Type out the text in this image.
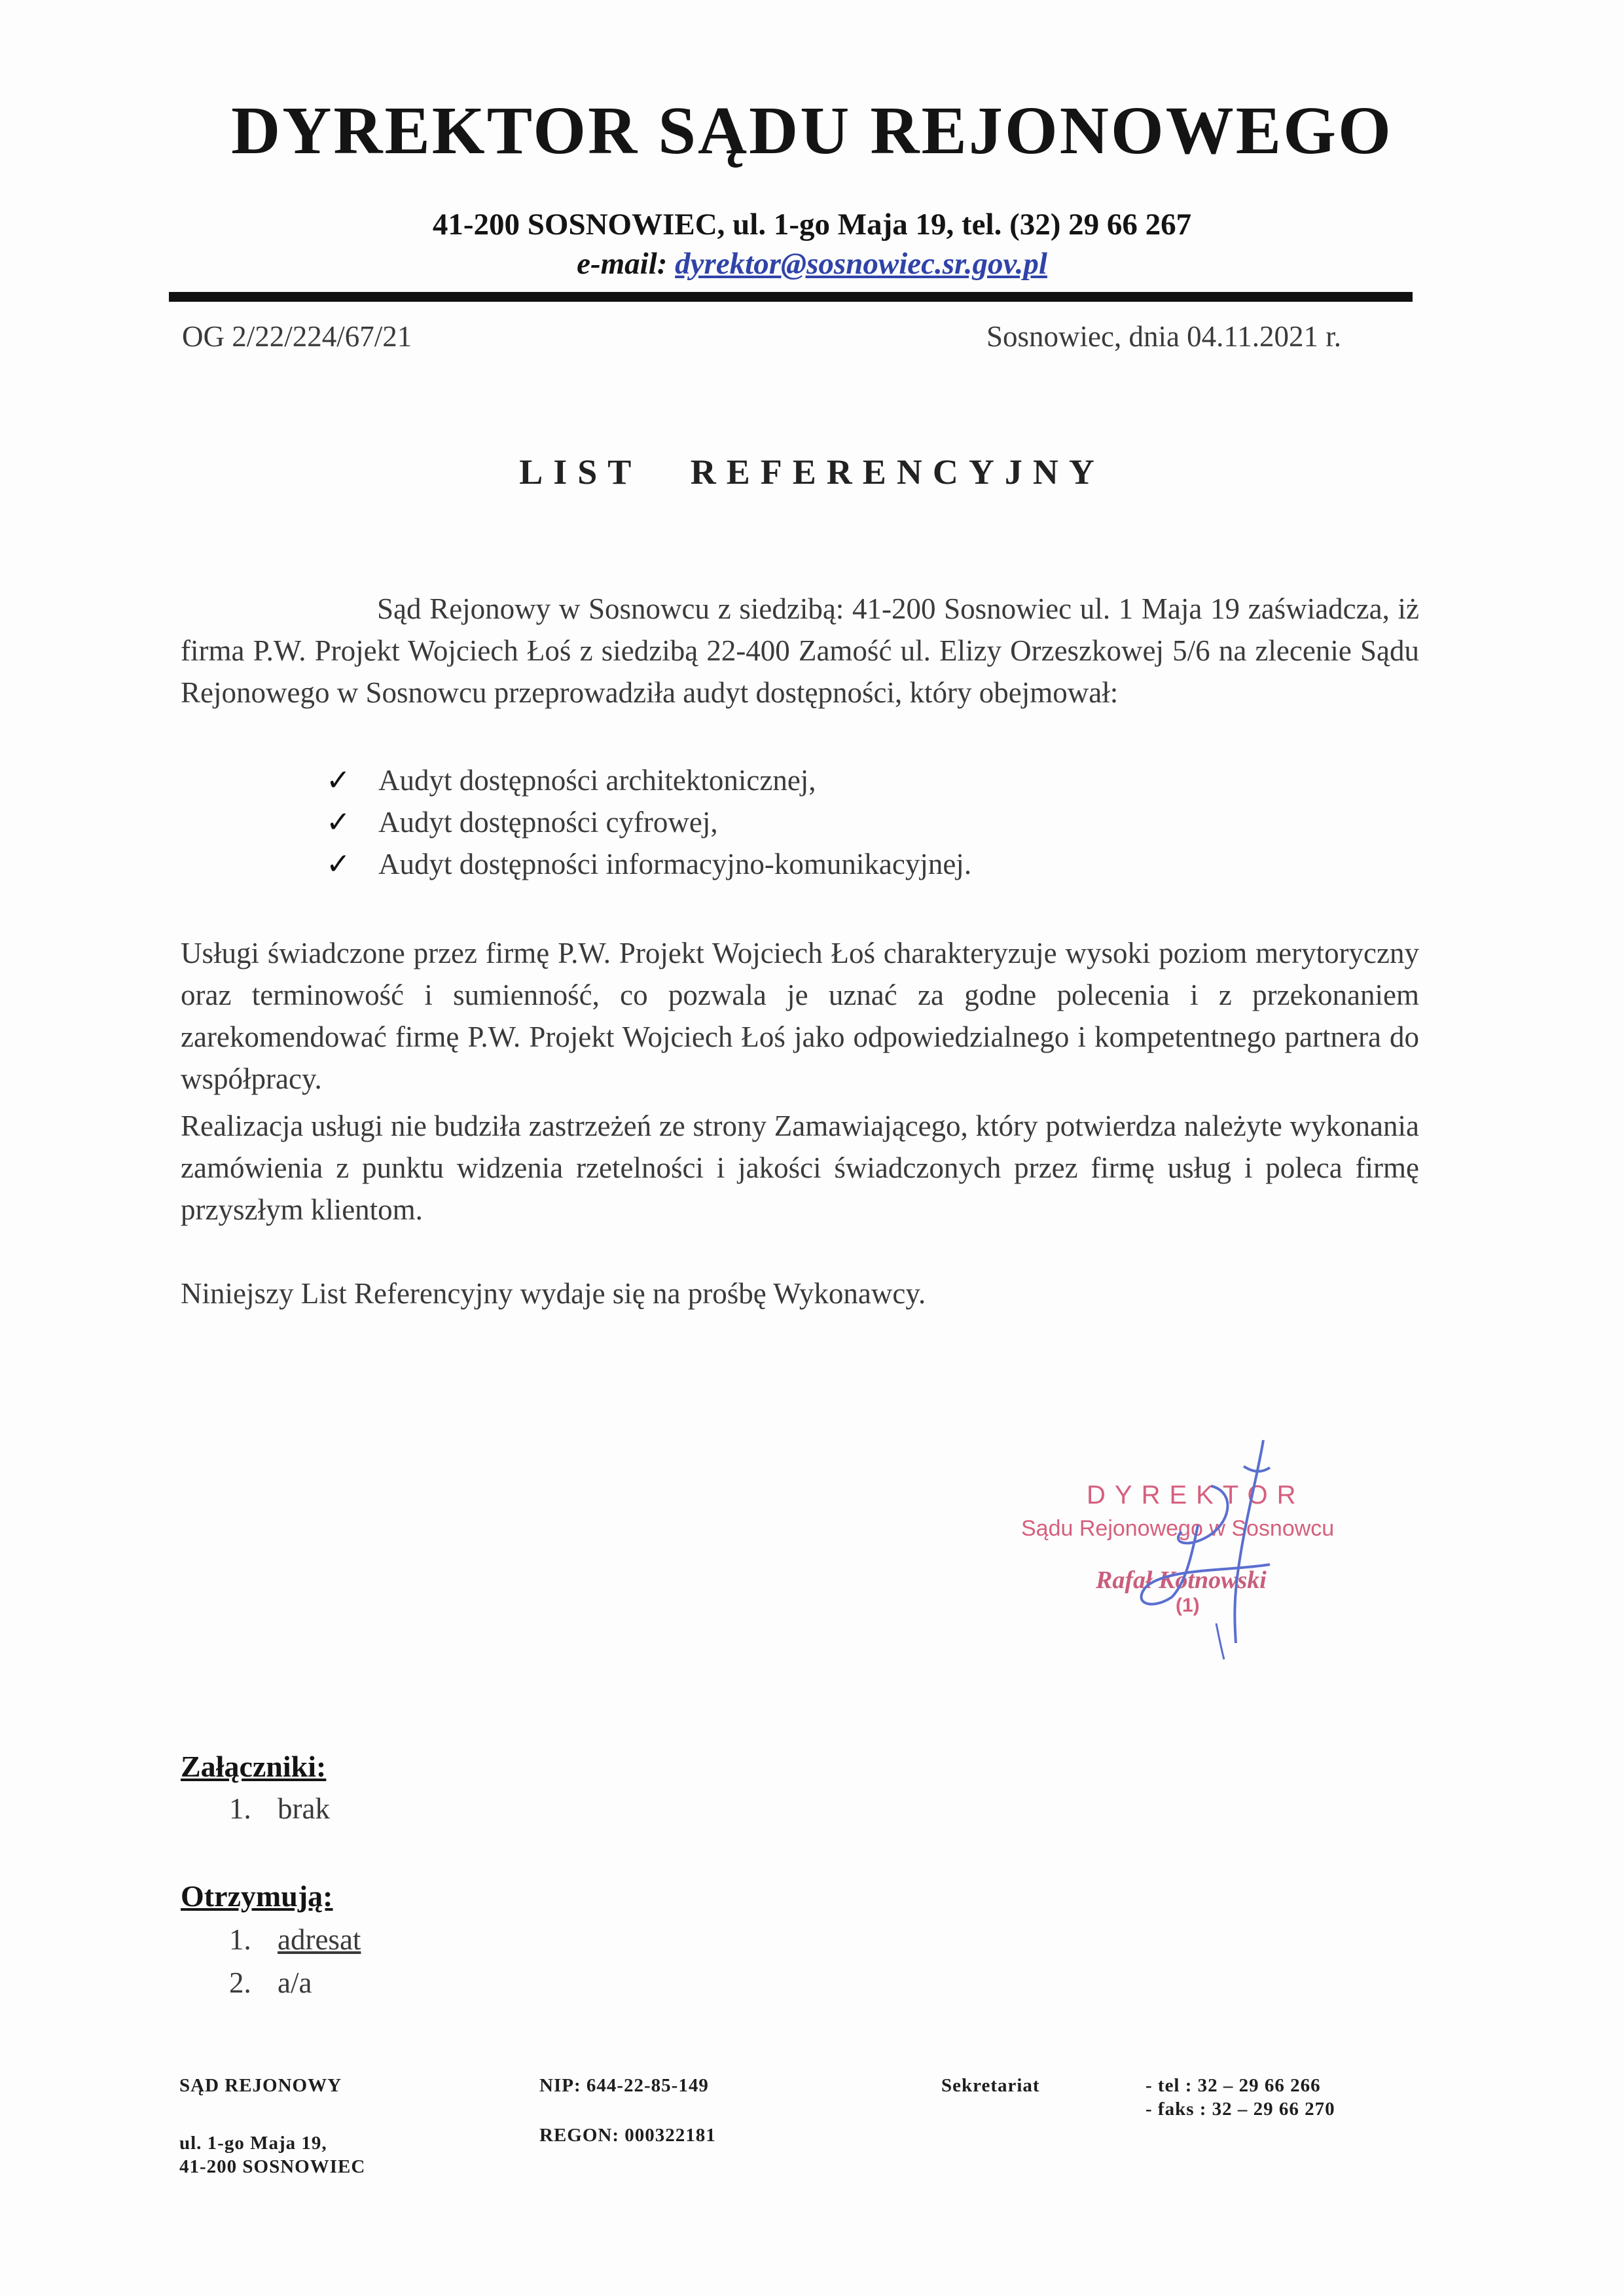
DYREKTOR SĄDU REJONOWEGO
41-200 SOSNOWIEC, ul. 1-go Maja 19, tel. (32) 29 66 267
e-mail: dyrektor@sosnowiec.sr.gov.pl
OG 2/22/224/67/21	Sosnowiec, dnia 04.11.2021 r.
LIST REFERENCYJNY
Sąd Rejonowy w Sosnowcu z siedzibą: 41-200 Sosnowiec ul. 1 Maja 19 zaświadcza, iż firma P.W. Projekt Wojciech Łoś z siedzibą 22-400 Zamość ul. Elizy Orzeszkowej 5/6 na zlecenie Sądu Rejonowego w Sosnowcu przeprowadziła audyt dostępności, który obejmował:
✓ Audyt dostępności architektonicznej,
✓ Audyt dostępności cyfrowej,
✓ Audyt dostępności informacyjno-komunikacyjnej.
Usługi świadczone przez firmę P.W. Projekt Wojciech Łoś charakteryzuje wysoki poziom merytoryczny oraz terminowość i sumienność, co pozwala je uznać za godne polecenia i z przekonaniem zarekomendować firmę P.W. Projekt Wojciech Łoś jako odpowiedzialnego i kompetentnego partnera do współpracy.
Realizacja usługi nie budziła zastrzeżeń ze strony Zamawiającego, który potwierdza należyte wykonania zamówienia z punktu widzenia rzetelności i jakości świadczonych przez firmę usług i poleca firmę przyszłym klientom.
Niniejszy List Referencyjny wydaje się na prośbę Wykonawcy.
DYREKTOR
Sądu Rejonowego w Sosnowcu
Rafał Kotnowski
(1)
Załączniki:
1. brak
Otrzymują:
1. adresat
2. a/a
SĄD REJONOWY
ul. 1-go Maja 19,
41-200 SOSNOWIEC
NIP: 644-22-85-149
REGON: 000322181
Sekretariat	- tel : 32 – 29 66 266
- faks : 32 – 29 66 270
